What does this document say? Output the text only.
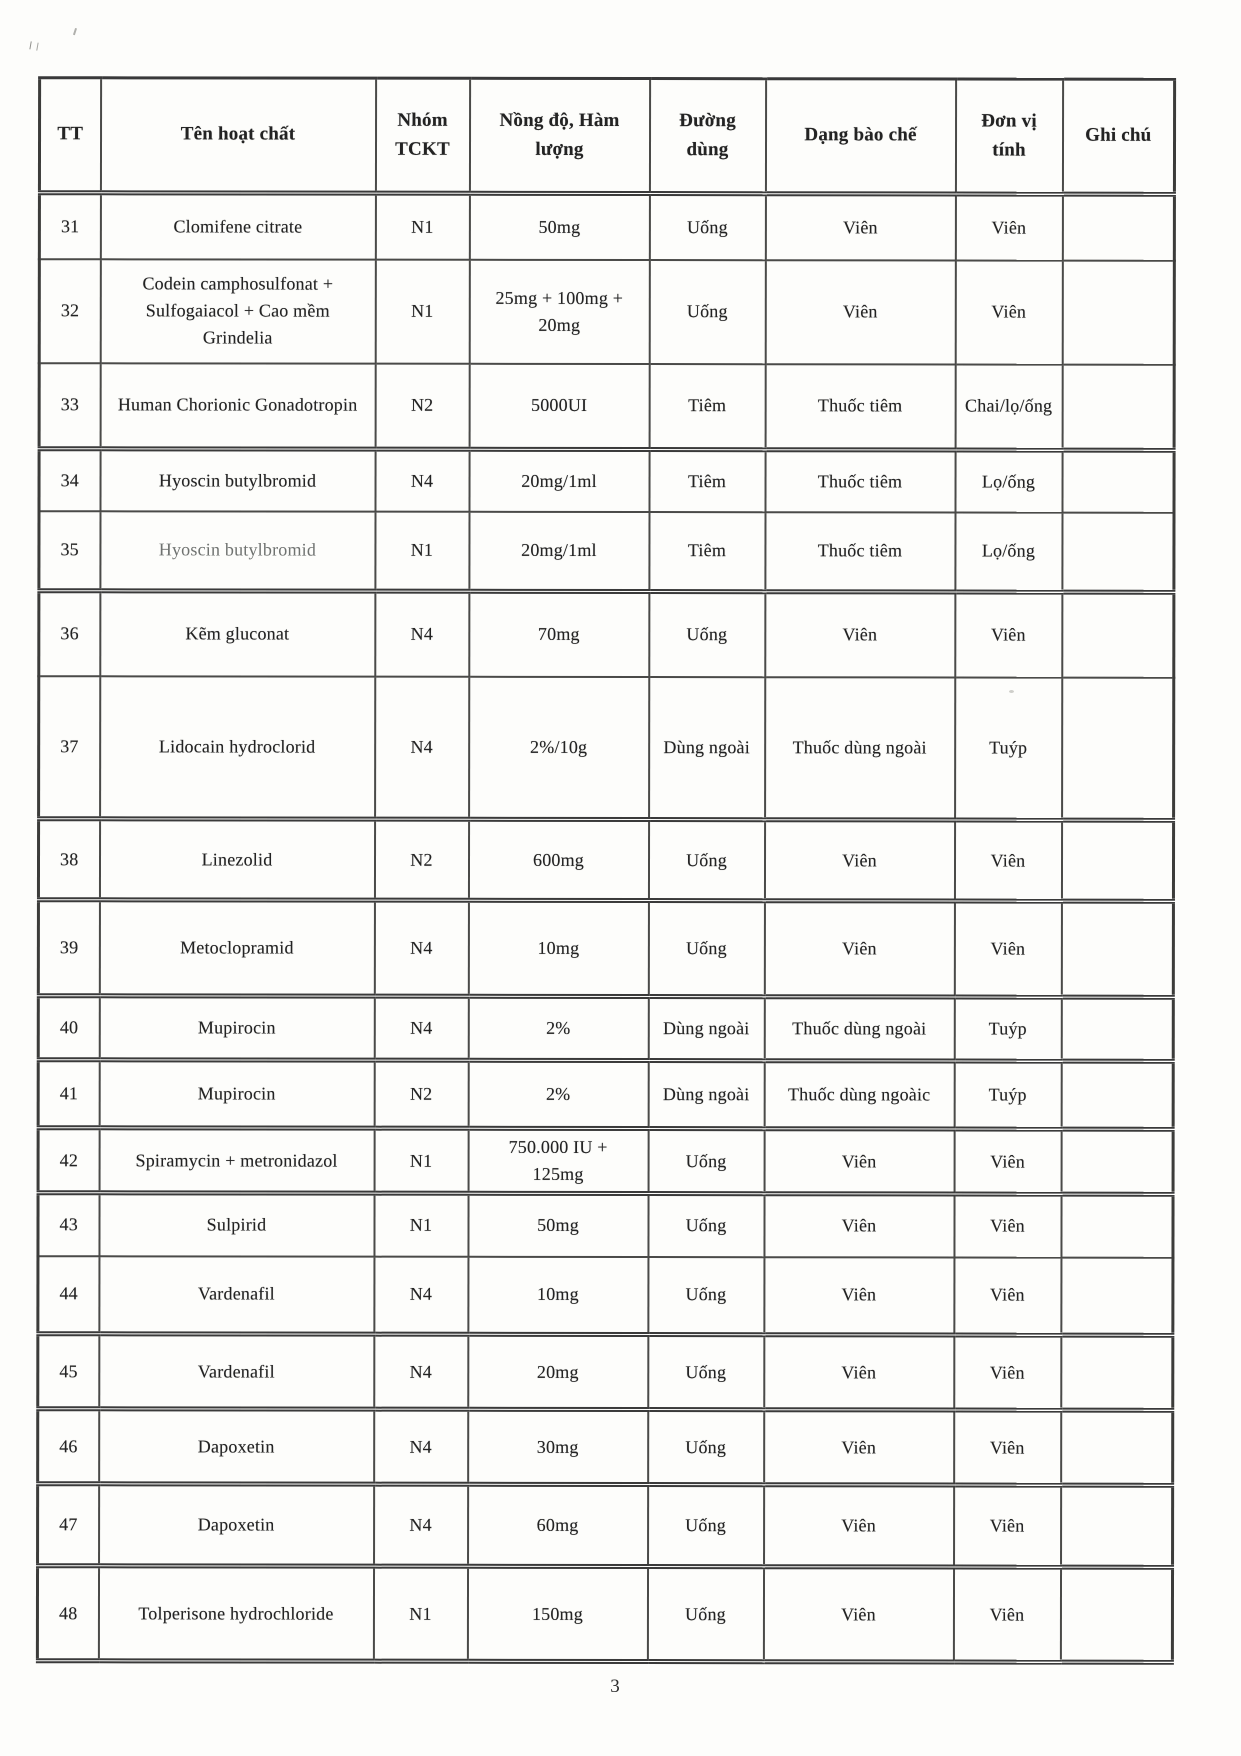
TT	Tên hoạt chất	Nhóm TCKT	Nồng độ, Hàm lượng	Đường dùng	Dạng bào chế	Đơn vị tính	Ghi chú
31	Clomifene citrate	N1	50mg	Uống	Viên	Viên	
32	Codein camphosulfonat + Sulfogaiacol + Cao mềm Grindelia	N1	25mg + 100mg + 20mg	Uống	Viên	Viên	
33	Human Chorionic Gonadotropin	N2	5000UI	Tiêm	Thuốc tiêm	Chai/lọ/ống	
34	Hyoscin butylbromid	N4	20mg/1ml	Tiêm	Thuốc tiêm	Lọ/ống	
35	Hyoscin butylbromid	N1	20mg/1ml	Tiêm	Thuốc tiêm	Lọ/ống	
36	Kẽm gluconat	N4	70mg	Uống	Viên	Viên	
37	Lidocain hydroclorid	N4	2%/10g	Dùng ngoài	Thuốc dùng ngoài	Tuýp	
38	Linezolid	N2	600mg	Uống	Viên	Viên	
39	Metoclopramid	N4	10mg	Uống	Viên	Viên	
40	Mupirocin	N4	2%	Dùng ngoài	Thuốc dùng ngoài	Tuýp	
41	Mupirocin	N2	2%	Dùng ngoài	Thuốc dùng ngoàic	Tuýp	
42	Spiramycin + metronidazol	N1	750.000 IU + 125mg	Uống	Viên	Viên	
43	Sulpirid	N1	50mg	Uống	Viên	Viên	
44	Vardenafil	N4	10mg	Uống	Viên	Viên	
45	Vardenafil	N4	20mg	Uống	Viên	Viên	
46	Dapoxetin	N4	30mg	Uống	Viên	Viên	
47	Dapoxetin	N4	60mg	Uống	Viên	Viên	
48	Tolperisone hydrochloride	N1	150mg	Uống	Viên	Viên	
3
